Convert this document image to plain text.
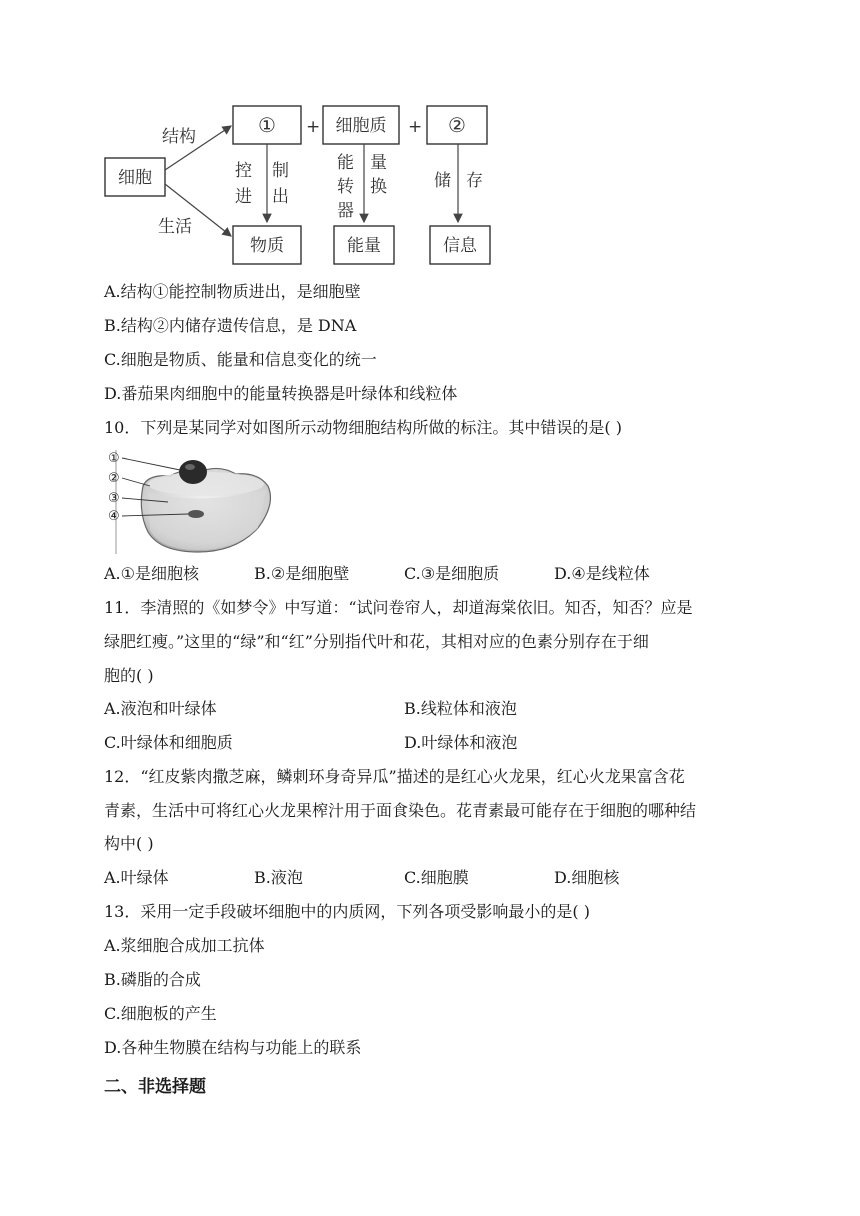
细胞
结构
生活
① + 细胞质 + ②
控
进
制
出
能
转
器
量
换	储 存
物质	能量	信息
A.结构①能控制物质进出，是细胞壁
B.结构②内储存遗传信息，是 DNA
C.细胞是物质、能量和信息变化的统一
D.番茄果肉细胞中的能量转换器是叶绿体和线粒体
10．下列是某同学对如图所示动物细胞结构所做的标注。其中错误的是( )
①
②
③
④
A.①是细胞核	B.②是细胞壁	C.③是细胞质	D.④是线粒体
11．李清照的《如梦令》中写道：“试问卷帘人，却道海棠依旧。知否，知否？应是
绿肥红瘦。”这里的“绿”和“红”分别指代叶和花，其相对应的色素分别存在于细
胞的( )
A.液泡和叶绿体	B.线粒体和液泡
C.叶绿体和细胞质	D.叶绿体和液泡
12．“红皮紫肉撒芝麻，鳞刺环身奇异瓜”描述的是红心火龙果，红心火龙果富含花
青素，生活中可将红心火龙果榨汁用于面食染色。花青素最可能存在于细胞的哪种结
构中( )
A.叶绿体	B.液泡	C.细胞膜	D.细胞核
13．采用一定手段破坏细胞中的内质网，下列各项受影响最小的是( )
A.浆细胞合成加工抗体
B.磷脂的合成
C.细胞板的产生
D.各种生物膜在结构与功能上的联系
二、非选择题
